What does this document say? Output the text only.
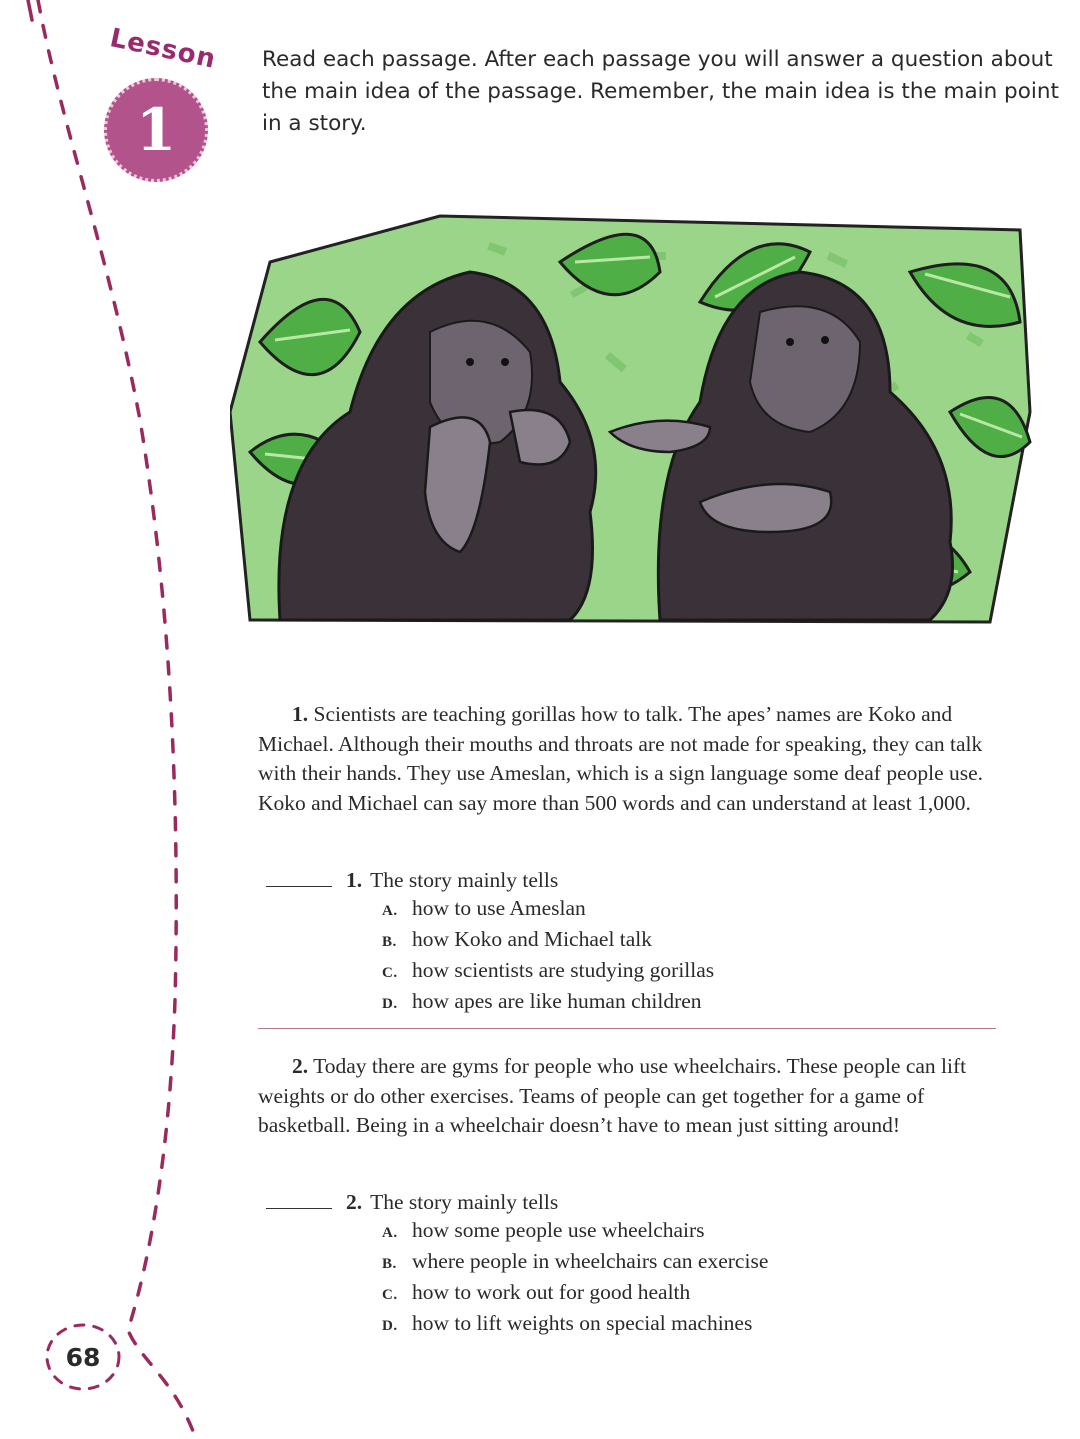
Lesson
1

Read each passage. After each passage you will answer a question about the main idea of the passage. Remember, the main idea is the main point in a story.

1. Scientists are teaching gorillas how to talk. The apes’ names are Koko and Michael. Although their mouths and throats are not made for speaking, they can talk with their hands. They use Ameslan, which is a sign language some deaf people use. Koko and Michael can say more than 500 words and can understand at least 1,000.

1. The story mainly tells
A. how to use Ameslan
B. how Koko and Michael talk
C. how scientists are studying gorillas
D. how apes are like human children

2. Today there are gyms for people who use wheelchairs. These people can lift weights or do other exercises. Teams of people can get together for a game of basketball. Being in a wheelchair doesn’t have to mean just sitting around!

2. The story mainly tells
A. how some people use wheelchairs
B. where people in wheelchairs can exercise
C. how to work out for good health
D. how to lift weights on special machines
68
